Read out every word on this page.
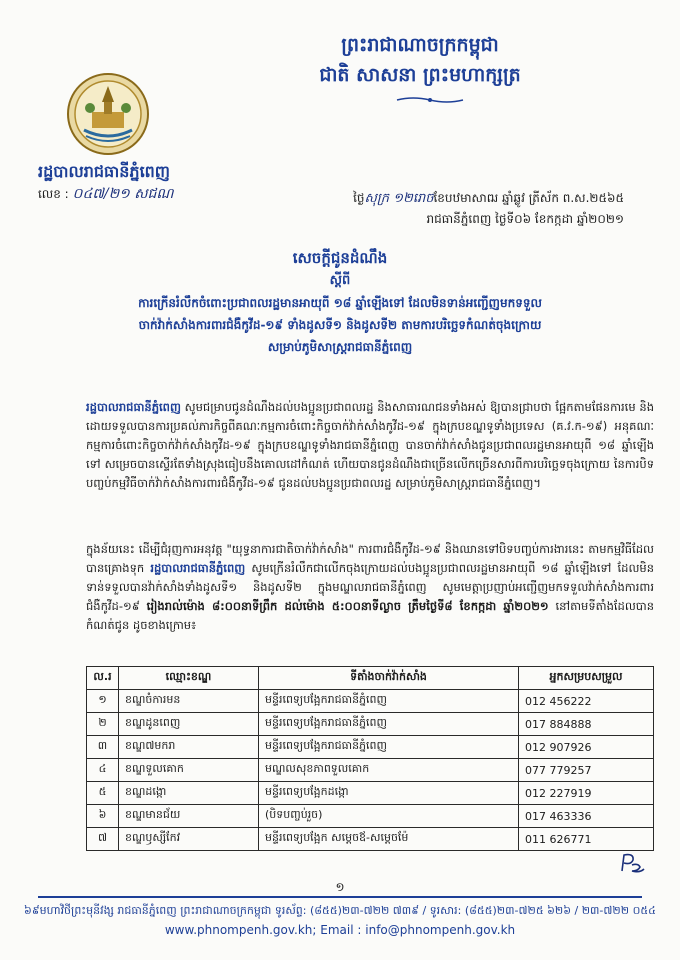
ព្រះរាជាណាចក្រកម្ពុជា
ជាតិ សាសនា ព្រះមហាក្សត្រ
រដ្ឋបាលរាជធានីភ្នំពេញ
លេខ : ០៤៧/២១ សជណ	ថ្ងៃសុក្រ ១២រោចខែបឋមាសាឍ ឆ្នាំឆ្លូវ ត្រីស័ក ព.ស.២៥៦៥
រាជធានីភ្នំពេញ ថ្ងៃទី០៦ ខែកក្កដា ឆ្នាំ២០២១
សេចក្តីជូនដំណឹង
ស្តីពី
ការក្រើនរំលឹកចំពោះប្រជាពលរដ្ឋមានអាយុពី ១៨ ឆ្នាំឡើងទៅ ដែលមិនទាន់អញ្ជើញមកទទួល
ចាក់វ៉ាក់សាំងការពារជំងឺកូវីដ-១៩ ទាំងដូសទី១ និងដូសទី២ តាមការបរិច្ឆេទកំណត់ចុងក្រោយ
សម្រាប់ភូមិសាស្ត្ររាជធានីភ្នំពេញ
រដ្ឋបាលរាជធានីភ្នំពេញ សូមជម្រាបជូនដំណឹងដល់បងប្អូនប្រជាពលរដ្ឋ និងសាធារណជនទាំងអស់ ឱ្យបានជ្រាបថា ផ្អែកតាមផែនការមេ និងដោយទទួលបានការប្រគល់ភារកិច្ចពីគណៈកម្មការចំពោះកិច្ចចាក់វ៉ាក់សាំងកូវីដ-១៩ ក្នុងក្របខណ្ឌទូទាំងប្រទេស (គ.វ.ក-១៩) អនុគណៈកម្មការចំពោះកិច្ចចាក់វ៉ាក់សាំងកូវីដ-១៩ ក្នុងក្របខណ្ឌទូទាំងរាជធានីភ្នំពេញ បានចាក់វ៉ាក់សាំងជូនប្រជាពលរដ្ឋមានអាយុពី ១៨ ឆ្នាំឡើងទៅ សម្រេចបានស្ទើរតែទាំងស្រុងធៀបនឹងគោលដៅកំណត់ ហើយបានជូនដំណឹងជាច្រើនលើកច្រើនសារពីការបរិច្ឆេទចុងក្រោយ នៃការបិទបញ្ចប់កម្មវិធីចាក់វ៉ាក់សាំងការពារជំងឺកូវីដ-១៩ ជូនដល់បងប្អូនប្រជាពលរដ្ឋ សម្រាប់ភូមិសាស្ត្ររាជធានីភ្នំពេញ។
ក្នុងន័យនេះ ដើម្បីជំរុញការអនុវត្ត "យុទ្ធនាការជាតិចាក់វ៉ាក់សាំង" ការពារជំងឺកូវីដ-១៩ និងឈានទៅបិទបញ្ចប់ការងារនេះ តាមកម្មវិធីដែលបានគ្រោងទុក រដ្ឋបាលរាជធានីភ្នំពេញ សូមក្រើនរំលឹកជាលើកចុងក្រោយដល់បងប្អូនប្រជាពលរដ្ឋមានអាយុពី ១៨ ឆ្នាំឡើងទៅ ដែលមិនទាន់ទទួលបានវ៉ាក់សាំងទាំងដូសទី១ និងដូសទី២ ក្នុងមណ្ឌលរាជធានីភ្នំពេញ សូមមេត្តាប្រញាប់អញ្ជើញមកទទួលវ៉ាក់សាំងការពារជំងឺកូវីដ-១៩ រៀងរាល់ម៉ោង ៨:០០នាទីព្រឹក ដល់ម៉ោង ៥:០០នាទីល្ងាច ត្រឹមថ្ងៃទី៨ ខែកក្កដា ឆ្នាំ២០២១ នៅតាមទីតាំងដែលបានកំណត់ជូន ដូចខាងក្រោម៖
ល.រ	ឈ្មោះខណ្ឌ	ទីតាំងចាក់វ៉ាក់សាំង	អ្នកសម្របសម្រួល
១	ខណ្ឌចំការមន	មន្ទីរពេទ្យបង្អែករាជធានីភ្នំពេញ	012 456222
២	ខណ្ឌដូនពេញ	មន្ទីរពេទ្យបង្អែករាជធានីភ្នំពេញ	017 884888
៣	ខណ្ឌ៧មករា	មន្ទីរពេទ្យបង្អែករាជធានីភ្នំពេញ	012 907926
៤	ខណ្ឌទួលគោក	មណ្ឌលសុខភាពទួលគោក	077 779257
៥	ខណ្ឌដង្កោ	មន្ទីរពេទ្យបង្អែកដង្កោ	012 227919
៦	ខណ្ឌមានជ័យ	(បិទបញ្ចប់រួច)	017 463336
៧	ខណ្ឌឫស្សីកែវ	មន្ទីរពេទ្យបង្អែក សម្តេចឪ-សម្តេចម៉ែ	011 626771
១
៦៩មហាវិថីព្រះមុនីវង្ស រាជធានីភ្នំពេញ ព្រះរាជាណាចក្រកម្ពុជា ទូរស័ព្ទ: (៨៥៥)២៣-៧២២ ៧៣៩ / ទូរសារ: (៨៥៥)២៣-៧២៥ ៦២៦ / ២៣-៧២២ ០៥៤
www.phnompenh.gov.kh; Email : info@phnompenh.gov.kh
